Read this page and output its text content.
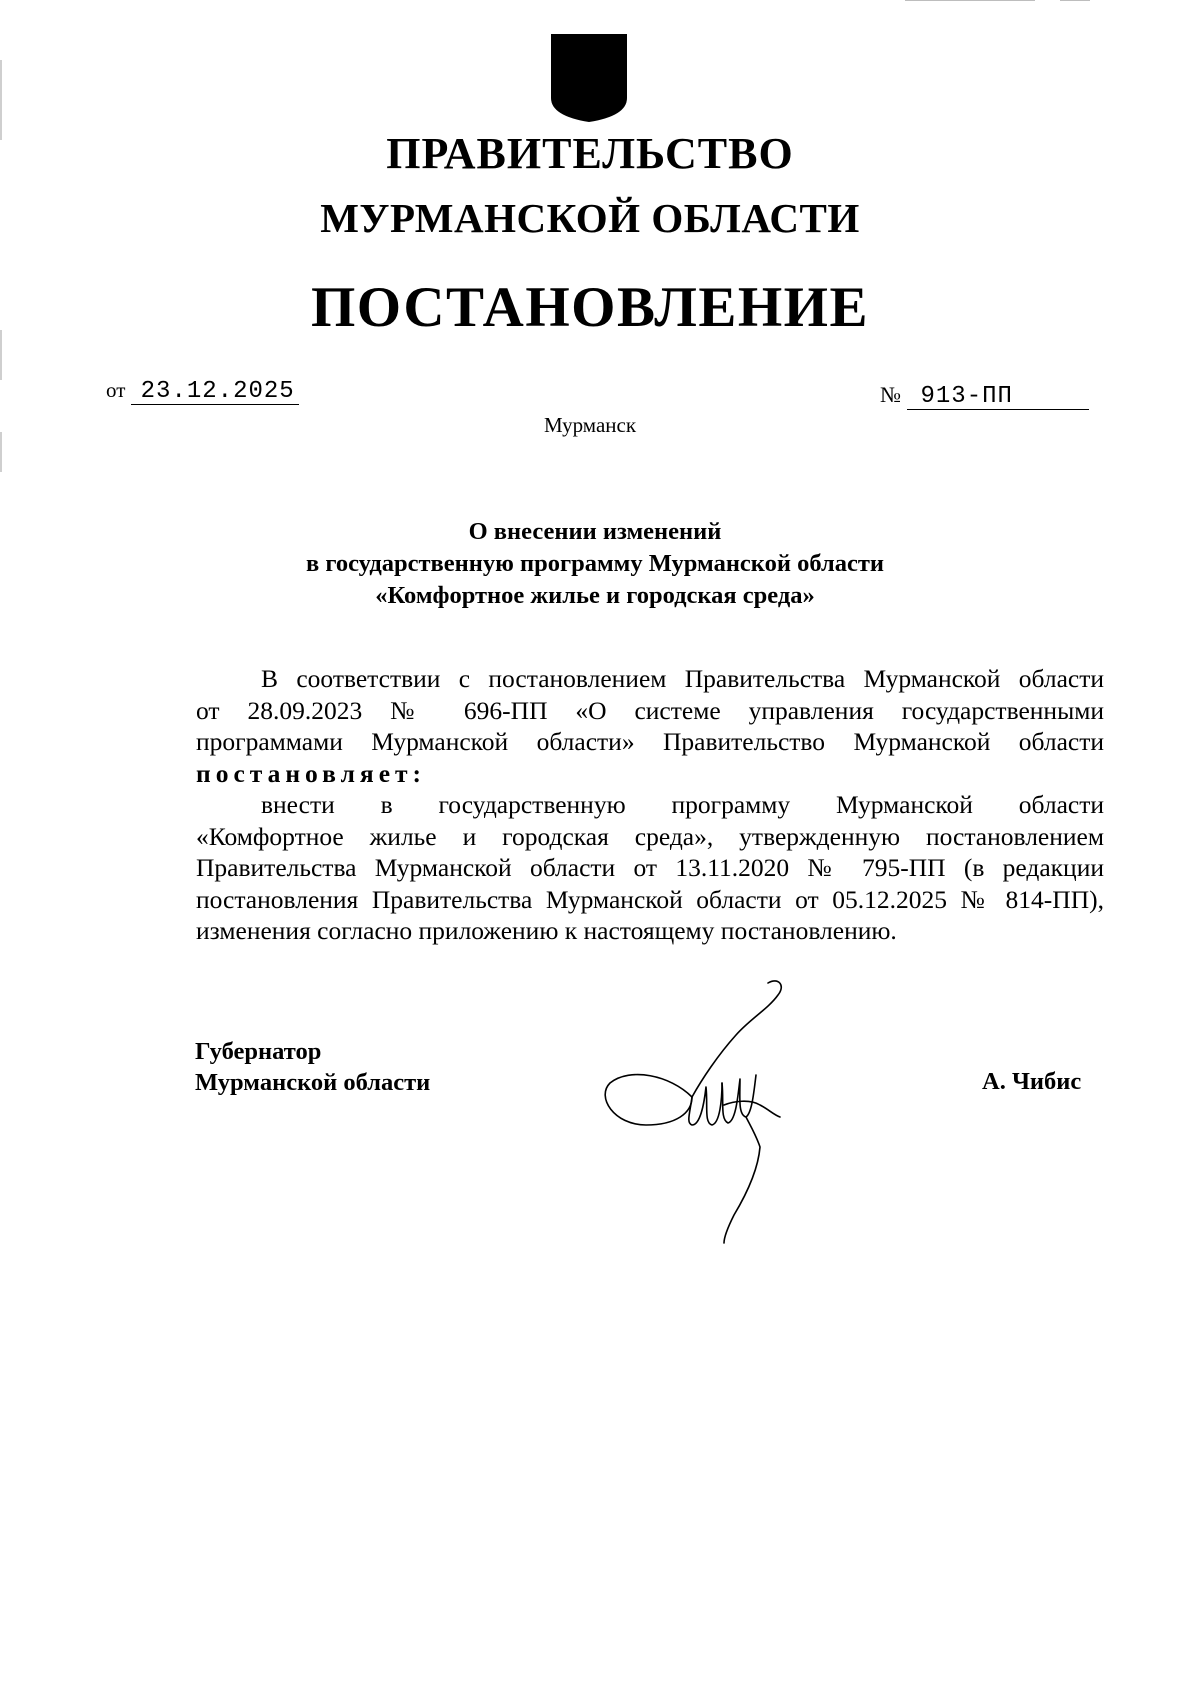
ПРАВИТЕЛЬСТВО
МУРМАНСКОЙ ОБЛАСТИ
ПОСТАНОВЛЕНИЕ
от 23.12.2025	№ 913-ПП
Мурманск
О внесении изменений
в государственную программу Мурманской области
«Комфортное жилье и городская среда»
В соответствии с постановлением Правительства Мурманской области
от 28.09.2023 № 696-ПП «О системе управления государственными
программами Мурманской области» Правительство Мурманской области
постановляет:
внести в государственную программу Мурманской области
«Комфортное жилье и городская среда», утвержденную постановлением
Правительства Мурманской области от 13.11.2020 № 795-ПП (в редакции
постановления Правительства Мурманской области от 05.12.2025 № 814-ПП),
изменения согласно приложению к настоящему постановлению.
Губернатор
Мурманской области	А. Чибис
